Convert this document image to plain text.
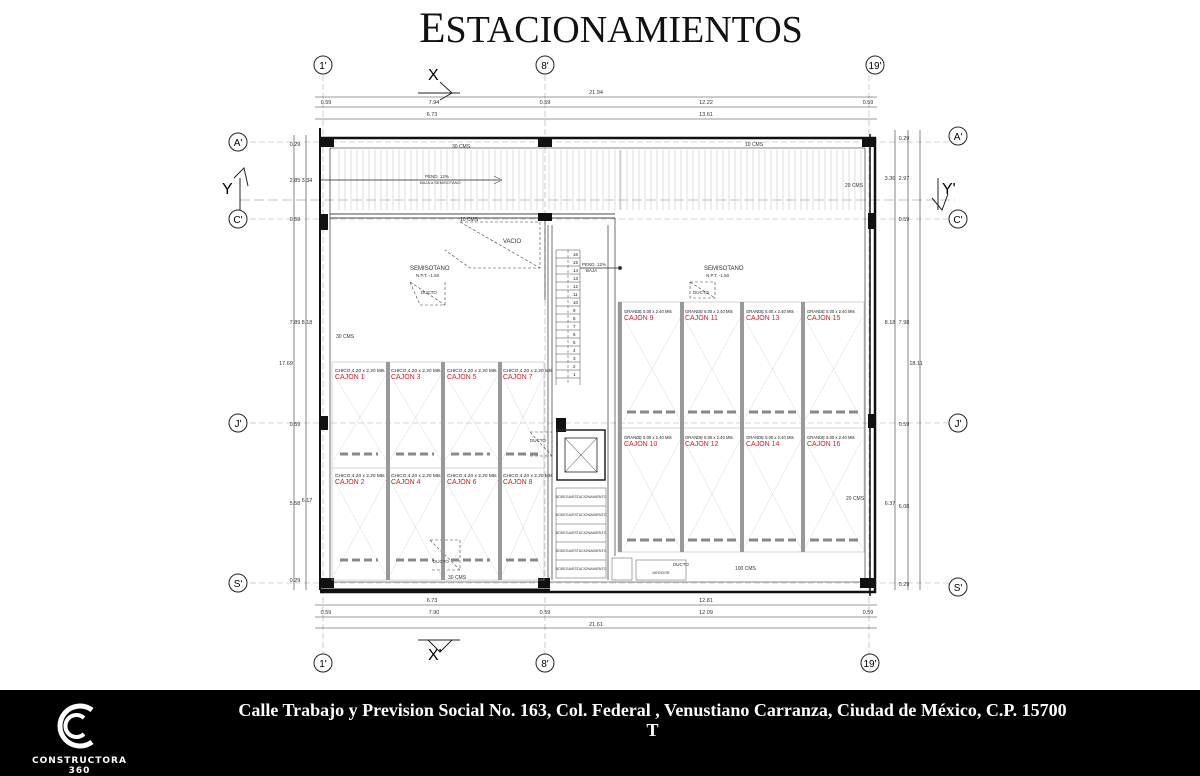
ESTACIONAMIENTOS
1'
1'
8'
8'
19'
19'
A'
A'
C'	C'
J'	J'
S'	S'
X
X'
Y	Y'
21.94
0.59	7.94	0.59	12.22	0.59
6.73	13.61
6.73	12.81
0.59	7.90	0.59	12.09	0.59
21.61
17.69
0.29
2.85 3.34
0.59
7.89 8.18
0.59
5.58 6.17
0.29
18.11
0.29
3.36 2.97
0.59
8.18 7.98
0.59
6.37 6.08
0.29
16
15
14
13
12
11
10
9
8
7
6
5
4
3
2
1
BODEGA/ESTACIONAMIENTO
BODEGA/ESTACIONAMIENTO
BODEGA/ESTACIONAMIENTO
BODEGA/ESTACIONAMIENTO
BODEGA/ESTACIONAMIENTO
MEDIDOR
CHICO 4.20 x 2.20 Mts
CAJÓN 1
CHICO 4.20 x 2.20 Mts
CAJÓN 3
CHICO 4.20 x 2.20 Mts
CAJÓN 5
CHICO 4.20 x 2.20 Mts
CAJÓN 7
CHICO 4.20 x 2.20 Mts
CAJÓN 2
CHICO 4.20 x 2.20 Mts
CAJÓN 4
CHICO 4.20 x 2.20 Mts
CAJÓN 6
CHICO 4.20 x 2.20 Mts
CAJÓN 8
GRANDE 5.00 x 2.40 Mts
CAJÓN 9
GRANDE 5.00 x 2.40 Mts
CAJÓN 11
GRANDE 5.00 x 2.40 Mts
CAJÓN 13
GRANDE 5.00 x 2.40 Mts
CAJÓN 15
GRANDE 5.00 x 2.40 Mts
CAJÓN 10
GRANDE 5.00 x 2.40 Mts
CAJÓN 12
GRANDE 5.00 x 2.40 Mts
CAJÓN 14
GRANDE 5.00 x 2.40 Mts
CAJÓN 16
30 CMS	10 CMS
20 CMS
10 CMS
30 CMS
30 CMS
20 CMS
100 CMS
PEND. 12%
BAJA A SEMISOTANO
PEND. 12%
BAJA
VACIO
SEMISOTANO
N.P.T. -1.50
SEMISOTANO
N.P.T. -1.50
DUCTO	DUCTO
DUCTO
DUCTO
DUCTO
CONSTRUCTORA 360
Calle Trabajo y Prevision Social No. 163, Col. Federal , Venustiano Carranza, Ciudad de México, C.P. 15700
T
